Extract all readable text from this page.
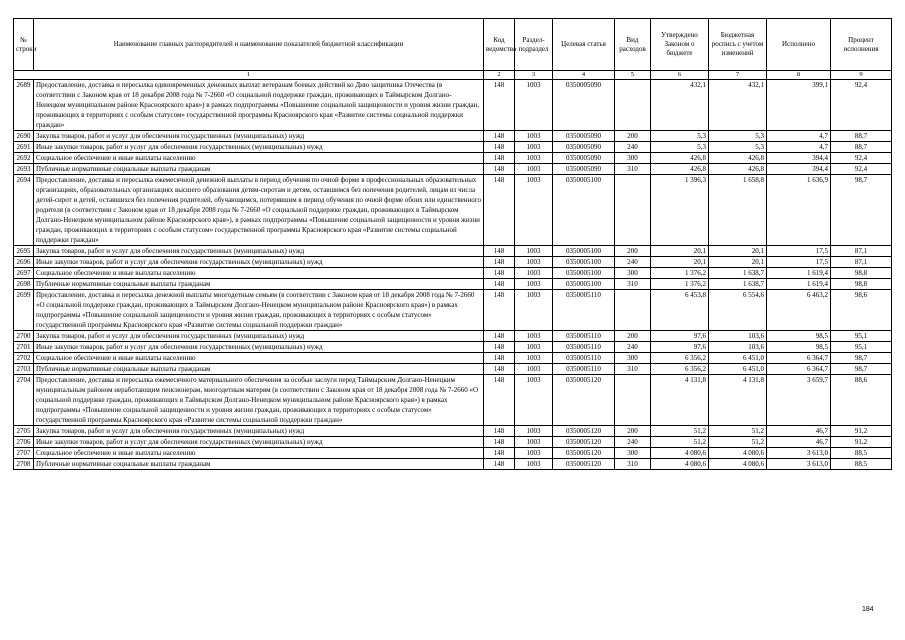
№ строки	Наименование главных распорядителей и наименование показателей бюджетной классификации	Код ведомства	Раздел-подраздел	Целевая статья	Вид расходов	Утверждено Законом о бюджете	Бюджетная роспись с учетом изменений	Исполнено	Процент исполнения
1		2	3	4	5	6	7	8	9
2689	Предоставление, доставка и пересылка единовременных денежных выплат ветеранам боевых действий ко Дню защитника Отечества (в соответствии с Законом края от 18 декабря 2008 года № 7-2660 «О социальной поддержке граждан, проживающих в Таймырском Долгано-Ненецком муниципальном районе Красноярского края») в рамках подпрограммы «Повышение социальной защищенности и уровня жизни граждан, проживающих в территориях с особым статусом» государственной программы Красноярского края «Развитие системы социальной поддержки граждан»	148	1003	0350005090		432,1	432,1	399,1	92,4
2690	Закупка товаров, работ и услуг для обеспечения государственных (муниципальных) нужд	148	1003	0350005090	200	5,3	5,3	4,7	88,7
2691	Иные закупки товаров, работ и услуг для обеспечения государственных (муниципальных) нужд	148	1003	0350005090	240	5,3	5,3	4,7	88,7
2692	Социальное обеспечение и иные выплаты населению	148	1003	0350005090	300	426,8	426,8	394,4	92,4
2693	Публичные нормативные социальные выплаты гражданам	148	1003	0350005090	310	426,8	426,8	394,4	92,4
2694	Предоставление, доставка и пересылка ежемесячной денежной выплаты в период обучения по очной форме в профессиональных образовательных организациях, образовательных организациях высшего образования детям-сиротам и детям, оставшимся без попечения родителей, лицам из числа детей-сирот и детей, оставшихся без попечения родителей, обучающимся, потерявшим в период обучения по очной форме обоих или единственного родителя (в соответствии с Законом края от 18 декабря 2008 года № 7-2660 «О социальной поддержке граждан, проживающих в Таймырском Долгано-Ненецком муниципальном районе Красноярского края»), в рамках подпрограммы «Повышение социальной защищенности и уровня жизни граждан, проживающих в территориях с особым статусом» государственной программы Красноярского края «Развитие системы социальной поддержки граждан»	148	1003	0350005100		1 396,3	1 658,8	1 636,9	98,7
2695	Закупка товаров, работ и услуг для обеспечения государственных (муниципальных) нужд	148	1003	0350005100	200	20,1	20,1	17,5	87,1
2696	Иные закупки товаров, работ и услуг для обеспечения государственных (муниципальных) нужд	148	1003	0350005100	240	20,1	20,1	17,5	87,1
2697	Социальное обеспечение и иные выплаты населению	148	1003	0350005100	300	1 376,2	1 638,7	1 619,4	98,8
2698	Публичные нормативные социальные выплаты гражданам	148	1003	0350005100	310	1 376,2	1 638,7	1 619,4	98,8
2699	Предоставление, доставка и пересылка денежной выплаты многодетным семьям (в соответствии с Законом края от 18 декабря 2008 года № 7-2660 «О социальной поддержке граждан, проживающих в Таймырском Долгано-Ненецком муниципальном районе Красноярского края») в рамках подпрограммы «Повышение социальной защищенности и уровня жизни граждан, проживающих в территориях с особым статусом» государственной программы Красноярского края «Развитие системы социальной поддержки граждан»	148	1003	0350005110		6 453,8	6 554,6	6 463,2	98,6
2700	Закупка товаров, работ и услуг для обеспечения государственных (муниципальных) нужд	148	1003	0350005110	200	97,6	103,6	98,5	95,1
2701	Иные закупки товаров, работ и услуг для обеспечения государственных (муниципальных) нужд	148	1003	0350005110	240	97,6	103,6	98,5	95,1
2702	Социальное обеспечение и иные выплаты населению	148	1003	0350005110	300	6 356,2	6 451,0	6 364,7	98,7
2703	Публичные нормативные социальные выплаты гражданам	148	1003	0350005110	310	6 356,2	6 451,0	6 364,7	98,7
2704	Предоставление, доставка и пересылка ежемесячного материального обеспечения за особые заслуги перед Таймырским Долгано-Ненецким муниципальным районом неработающим пенсионерам, многодетным матерям (в соответствии с Законом края от 18 декабря 2008 года № 7-2660 «О социальной поддержке граждан, проживающих в Таймырском Долгано-Ненецком муниципальном районе Красноярского края») в рамках подпрограммы «Повышение социальной защищенности и уровня жизни граждан, проживающих в территориях с особым статусом» государственной программы Красноярского края «Развитие системы социальной поддержки граждан»	148	1003	0350005120		4 131,8	4 131,8	3 659,7	88,6
2705	Закупка товаров, работ и услуг для обеспечения государственных (муниципальных) нужд	148	1003	0350005120	200	51,2	51,2	46,7	91,2
2706	Иные закупки товаров, работ и услуг для обеспечения государственных (муниципальных) нужд	148	1003	0350005120	240	51,2	51,2	46,7	91,2
2707	Социальное обеспечение и иные выплаты населению	148	1003	0350005120	300	4 080,6	4 080,6	3 613,0	88,5
2708	Публичные нормативные социальные выплаты гражданам	148	1003	0350005120	310	4 080,6	4 080,6	3 613,0	88,5
184
